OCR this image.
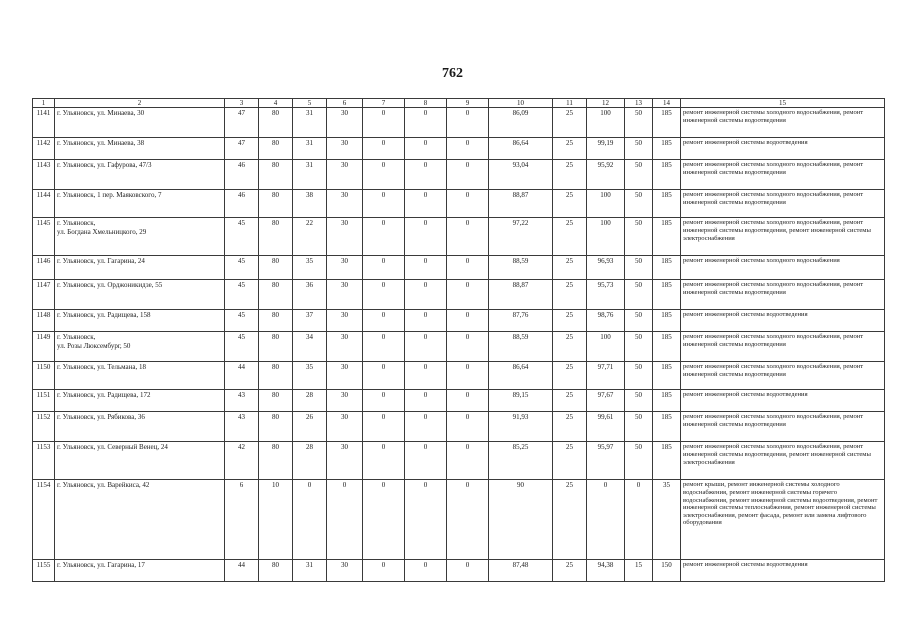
762
1	2	3	4	5	6	7	8	9	10	11	12	13	14	15
1141	г. Ульяновск, ул. Минаева, 30	47	80	31	30	0	0	0	86,09	25	100	50	185	ремонт инженерной системы холодного водоснабжения, ремонт инженерной системы водоотведения
1142	г. Ульяновск, ул. Минаева, 38	47	80	31	30	0	0	0	86,64	25	99,19	50	185	ремонт инженерной системы водоотведения
1143	г. Ульяновск, ул. Гафурова, 47/3	46	80	31	30	0	0	0	93,04	25	95,92	50	185	ремонт инженерной системы холодного водоснабжения, ремонт инженерной системы водоотведения
1144	г. Ульяновск, 1 пер. Маяковского, 7	46	80	38	30	0	0	0	88,87	25	100	50	185	ремонт инженерной системы холодного водоснабжения, ремонт инженерной системы водоотведения
1145	г. Ульяновск,
ул. Богдана Хмельницкого, 29	45	80	22	30	0	0	0	97,22	25	100	50	185	ремонт инженерной системы холодного водоснабжения, ремонт инженерной системы водоотведения, ремонт инженерной системы электроснабжения
1146	г. Ульяновск, ул. Гагарина, 24	45	80	35	30	0	0	0	88,59	25	96,93	50	185	ремонт инженерной системы холодного водоснабжения
1147	г. Ульяновск, ул. Орджоникидзе, 55	45	80	36	30	0	0	0	88,87	25	95,73	50	185	ремонт инженерной системы холодного водоснабжения, ремонт инженерной системы водоотведения
1148	г. Ульяновск, ул. Радищева, 158	45	80	37	30	0	0	0	87,76	25	98,76	50	185	ремонт инженерной системы водоотведения
1149	г. Ульяновск,
ул. Розы Люксембург, 50	45	80	34	30	0	0	0	88,59	25	100	50	185	ремонт инженерной системы холодного водоснабжения, ремонт инженерной системы водоотведения
1150	г. Ульяновск, ул. Тельмана, 18	44	80	35	30	0	0	0	86,64	25	97,71	50	185	ремонт инженерной системы холодного водоснабжения, ремонт инженерной системы водоотведения
1151	г. Ульяновск, ул. Радищева, 172	43	80	28	30	0	0	0	89,15	25	97,67	50	185	ремонт инженерной системы водоотведения
1152	г. Ульяновск, ул. Рябикова, 36	43	80	26	30	0	0	0	91,93	25	99,61	50	185	ремонт инженерной системы холодного водоснабжения, ремонт инженерной системы водоотведения
1153	г. Ульяновск, ул. Северный Венец, 24	42	80	28	30	0	0	0	85,25	25	95,97	50	185	ремонт инженерной системы холодного водоснабжения, ремонт инженерной системы водоотведения, ремонт инженерной системы электроснабжения
1154	г. Ульяновск, ул. Варейкиса, 42	6	10	0	0	0	0	0	90	25	0	0	35	ремонт крыши, ремонт инженерной системы холодного водоснабжения, ремонт инженерной системы горячего водоснабжения, ремонт инженерной системы водоотведения, ремонт инженерной системы теплоснабжения, ремонт инженерной системы электроснабжения, ремонт фасада, ремонт или замена лифтового оборудования
1155	г. Ульяновск, ул. Гагарина, 17	44	80	31	30	0	0	0	87,48	25	94,38	15	150	ремонт инженерной системы водоотведения
